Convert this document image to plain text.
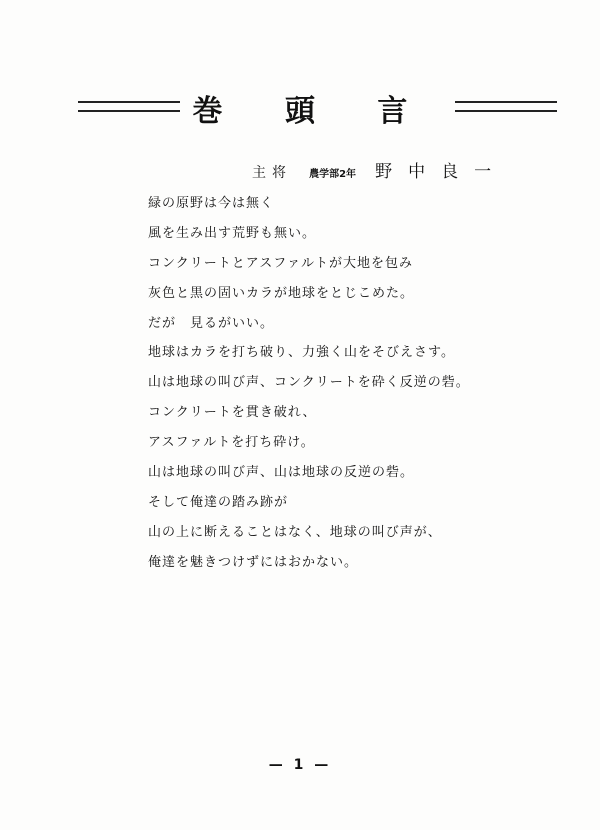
巻 頭 言
主将 農学部2年 野中良一
緑の原野は今は無く
風を生み出す荒野も無い。
コンクリートとアスファルトが大地を包み
灰色と黒の固いカラが地球をとじこめた。
だが　見るがいい。
地球はカラを打ち破り、力強く山をそびえさす。
山は地球の叫び声、コンクリートを砕く反逆の砦。
コンクリートを貫き破れ、
アスファルトを打ち砕け。
山は地球の叫び声、山は地球の反逆の砦。
そして俺達の踏み跡が
山の上に断えることはなく、地球の叫び声が、
俺達を魅きつけずにはおかない。
— 1 —
